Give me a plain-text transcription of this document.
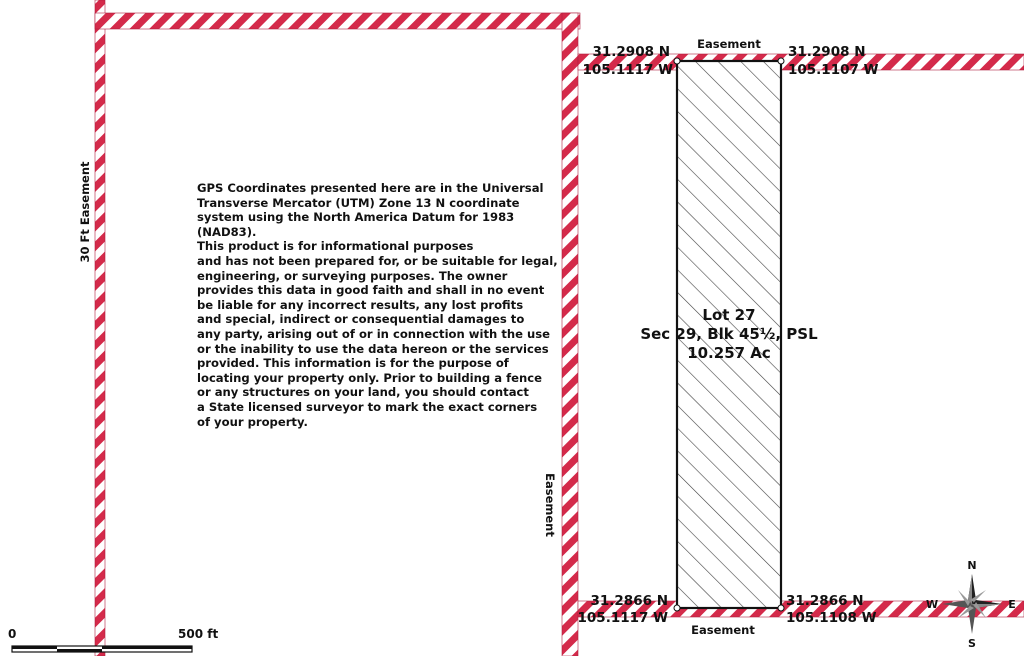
Lot 27
Sec 29, Blk 45½, PSL
10.257 Ac
30 Ft Easement
Easement
Easement
Easement
31.2908 N
105.1117 W
31.2908 N
105.1107 W
31.2866 N
105.1117 W
31.2866 N
105.1108 W
0	500 ft
N
S
W	E
GPS Coordinates presented here are in the Universal
Transverse Mercator (UTM) Zone 13 N coordinate
system using the North America Datum for 1983 (NAD83).
This product is for informational purposes
and has not been prepared for, or be suitable for legal,
engineering, or surveying purposes. The owner
provides this data in good faith and shall in no event
be liable for any incorrect results, any lost profits
and special, indirect or consequential damages to
any party, arising out of or in connection with the use
or the inability to use the data hereon or the services
provided. This information is for the purpose of
locating your property only. Prior to building a fence
or any structures on your land, you should contact
a State licensed surveyor to mark the exact corners
of your property.
